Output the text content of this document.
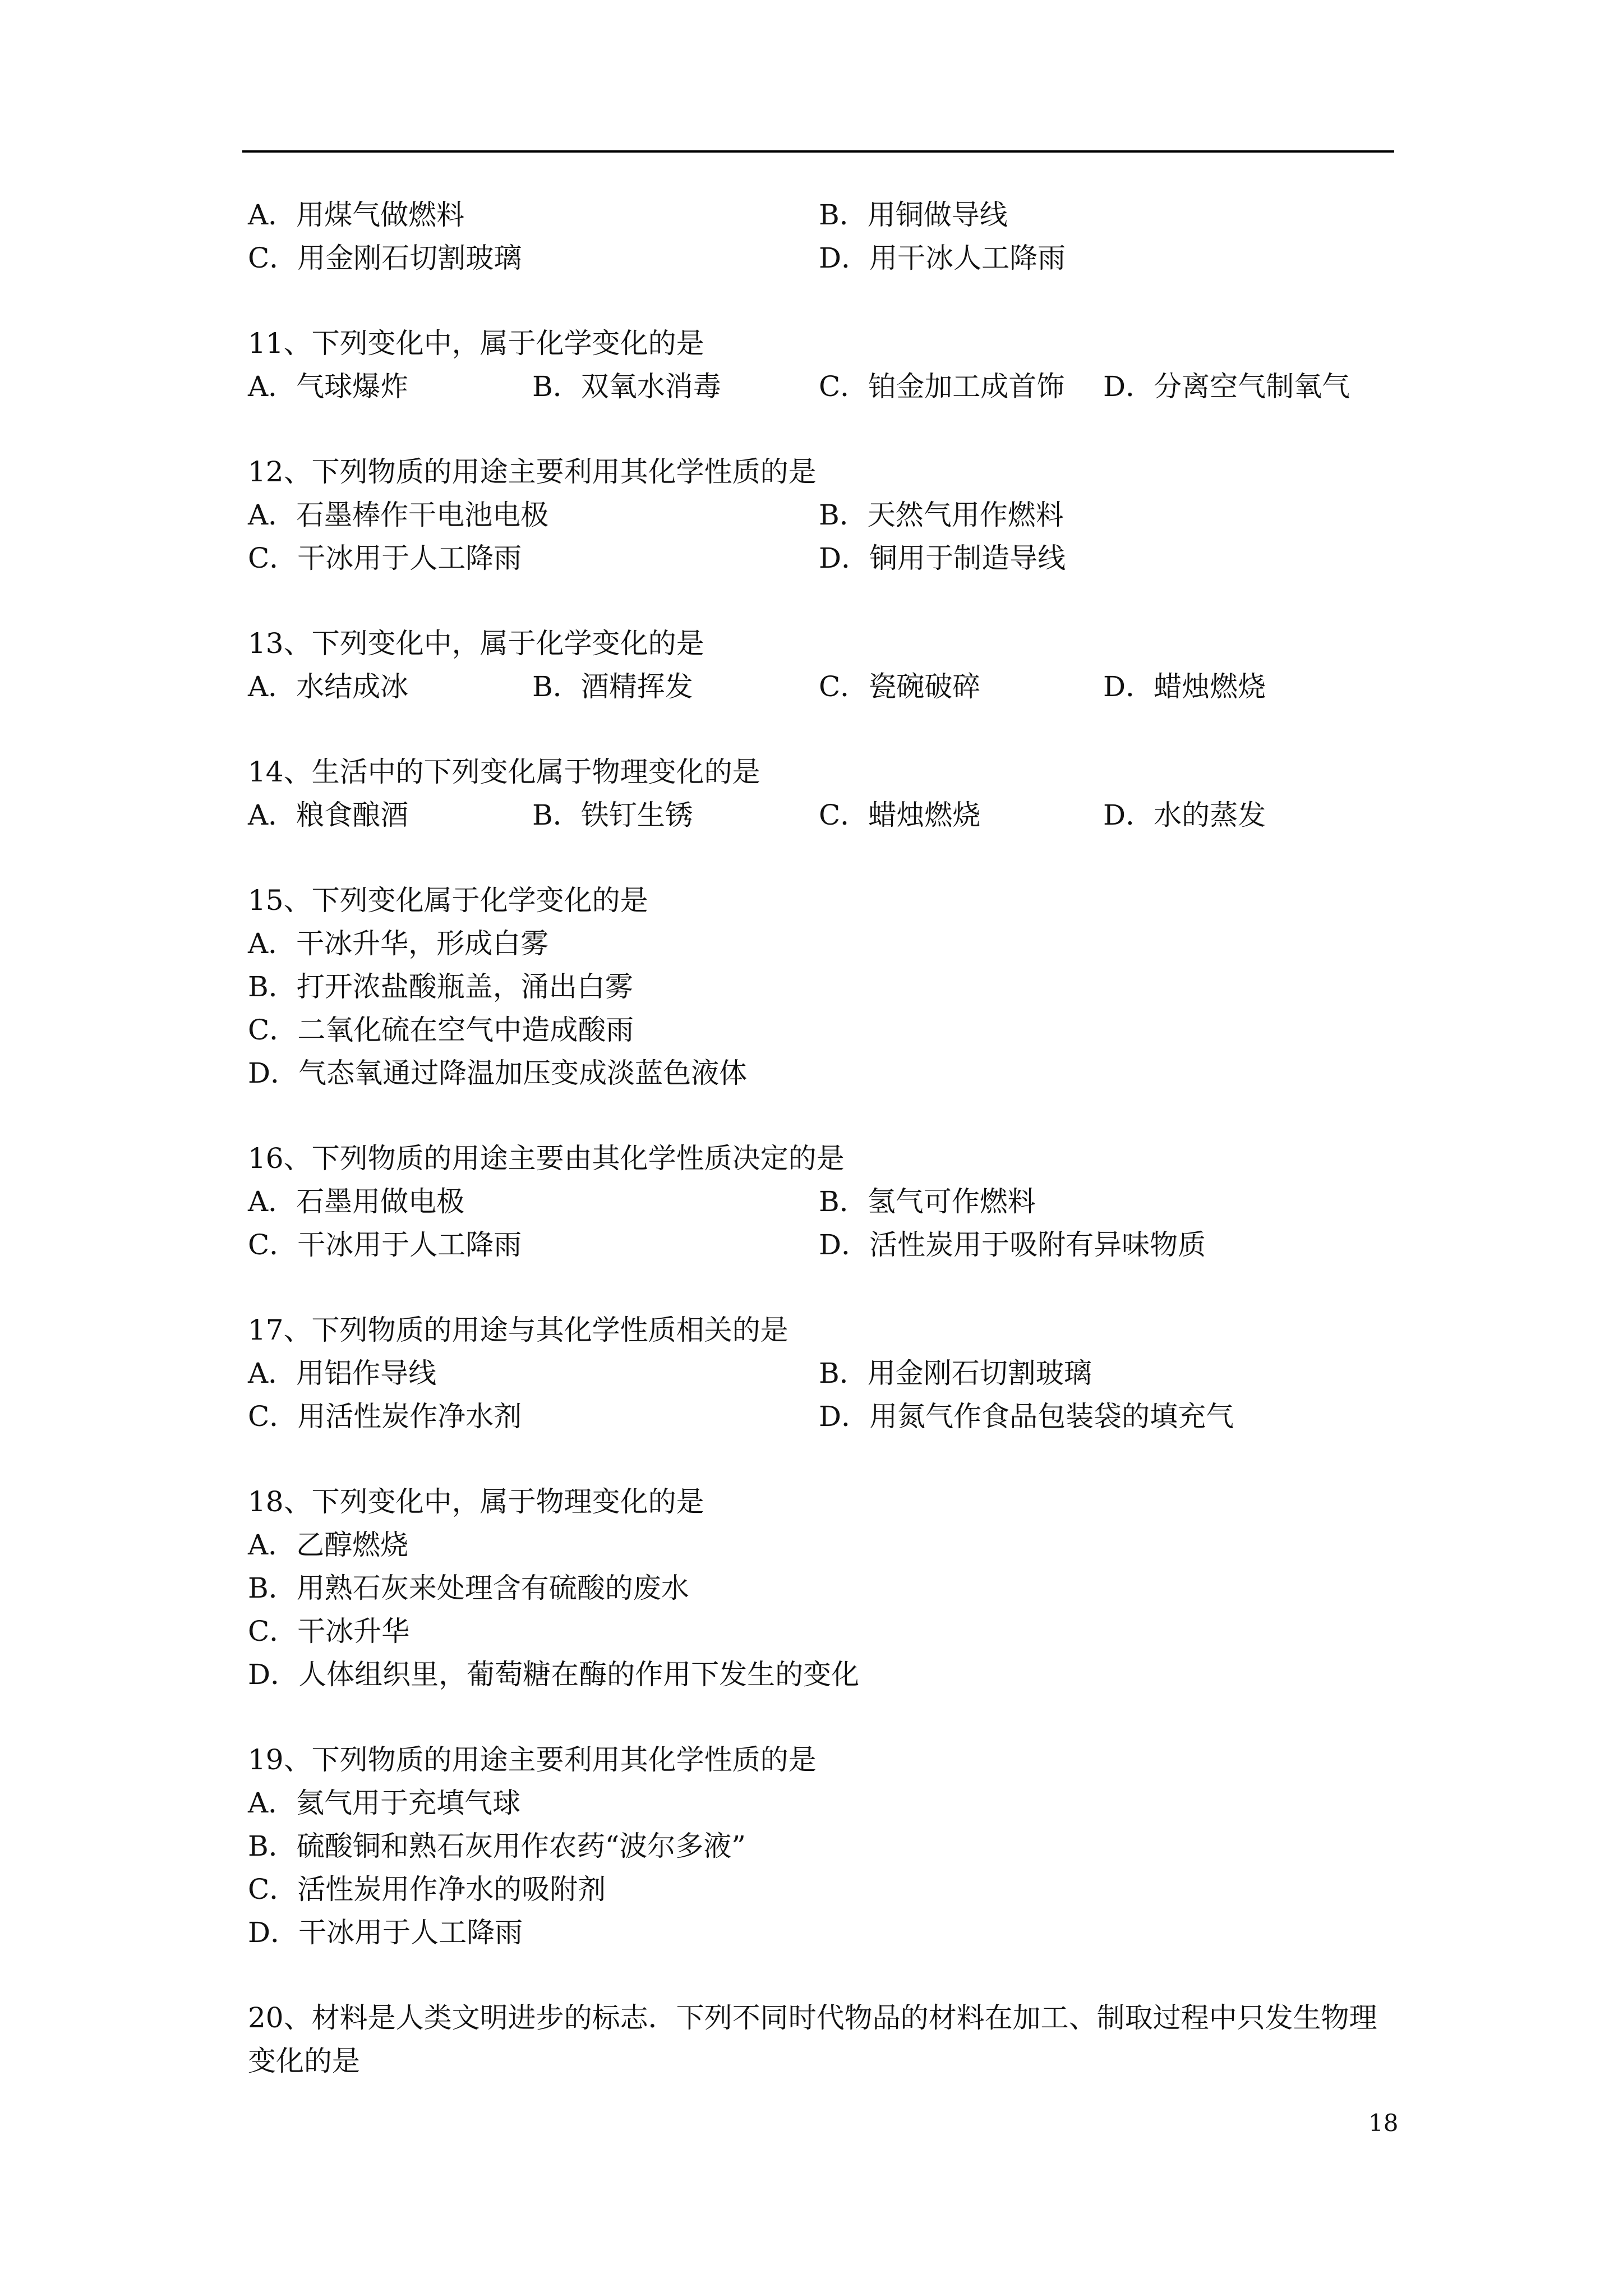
A．用煤气做燃料	B．用铜做导线
C．用金刚石切割玻璃	D．用干冰人工降雨
11、下列变化中，属于化学变化的是
A．气球爆炸	B．双氧水消毒	C．铂金加工成首饰 D．分离空气制氧气
12、下列物质的用途主要利用其化学性质的是
A．石墨棒作干电池电极	B．天然气用作燃料
C．干冰用于人工降雨	D．铜用于制造导线
13、下列变化中，属于化学变化的是
A．水结成冰	B．酒精挥发	C．瓷碗破碎	D．蜡烛燃烧
14、生活中的下列变化属于物理变化的是
A．粮食酿酒	B．铁钉生锈	C．蜡烛燃烧	D．水的蒸发
15、下列变化属于化学变化的是
A．干冰升华，形成白雾
B．打开浓盐酸瓶盖，涌出白雾
C．二氧化硫在空气中造成酸雨
D．气态氧通过降温加压变成淡蓝色液体
16、下列物质的用途主要由其化学性质决定的是
A．石墨用做电极	B．氢气可作燃料
C．干冰用于人工降雨	D．活性炭用于吸附有异味物质
17、下列物质的用途与其化学性质相关的是
A．用铝作导线	B．用金刚石切割玻璃
C．用活性炭作净水剂	D．用氮气作食品包装袋的填充气
18、下列变化中，属于物理变化的是
A．乙醇燃烧
B．用熟石灰来处理含有硫酸的废水
C．干冰升华
D．人体组织里，葡萄糖在酶的作用下发生的变化
19、下列物质的用途主要利用其化学性质的是
A．氦气用于充填气球
B．硫酸铜和熟石灰用作农药“波尔多液”
C．活性炭用作净水的吸附剂
D．干冰用于人工降雨
20、材料是人类文明进步的标志．下列不同时代物品的材料在加工、制取过程中只发生物理变化的是
18
